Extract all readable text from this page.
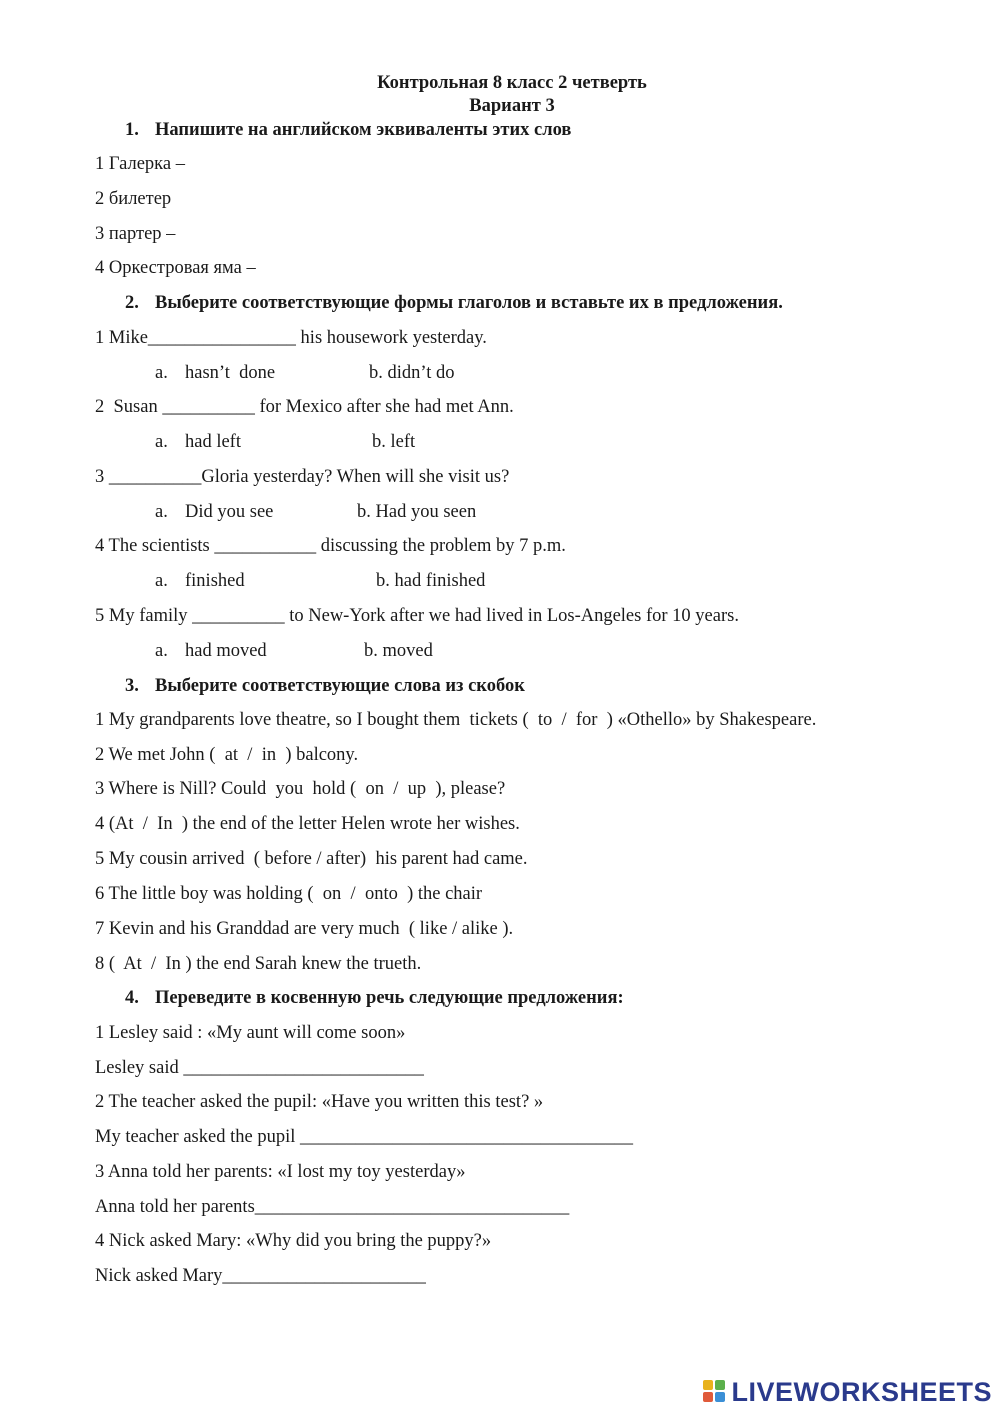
Контрольная 8 класс 2 четверть
Вариант 3
1. Напишите на английском эквиваленты этих слов
1 Галерка –
2 билетер
3 партер –
4 Оркестровая яма –
2. Выберите соответствующие формы глаголов и вставьте их в предложения.
1 Mike________________ his housework yesterday.
a. hasn’t  done	b. didn’t do
2  Susan __________ for Mexico after she had met Ann.
a. had left	b. left
3 __________Gloria yesterday? When will she visit us?
a. Did you see	b. Had you seen
4 The scientists ___________ discussing the problem by 7 p.m.
a. finished	b. had finished
5 My family __________ to New-York after we had lived in Los-Angeles for 10 years.
a. had moved	b. moved
3. Выберите соответствующие слова из скобок
1 My grandparents love theatre, so I bought them  tickets (  to  /  for  ) «Othello» by Shakespeare.
2 We met John (  at  /  in  ) balcony.
3 Where is Nill? Could  you  hold (  on  /  up  ), please?
4 (At  /  In  ) the end of the letter Helen wrote her wishes.
5 My cousin arrived  ( before / after)  his parent had came.
6 The little boy was holding (  on  /  onto  ) the chair
7 Kevin and his Granddad are very much  ( like / alike ).
8 (  At  /  In ) the end Sarah knew the trueth.
4. Переведите в косвенную речь следующие предложения:
1 Lesley said : «My aunt will come soon»
Lesley said __________________________
2 The teacher asked the pupil: «Have you written this test? »
My teacher asked the pupil ____________________________________
3 Anna told her parents: «I lost my toy yesterday»
Anna told her parents__________________________________
4 Nick asked Mary: «Why did you bring the puppy?»
Nick asked Mary______________________
LIVEWORKSHEETS
